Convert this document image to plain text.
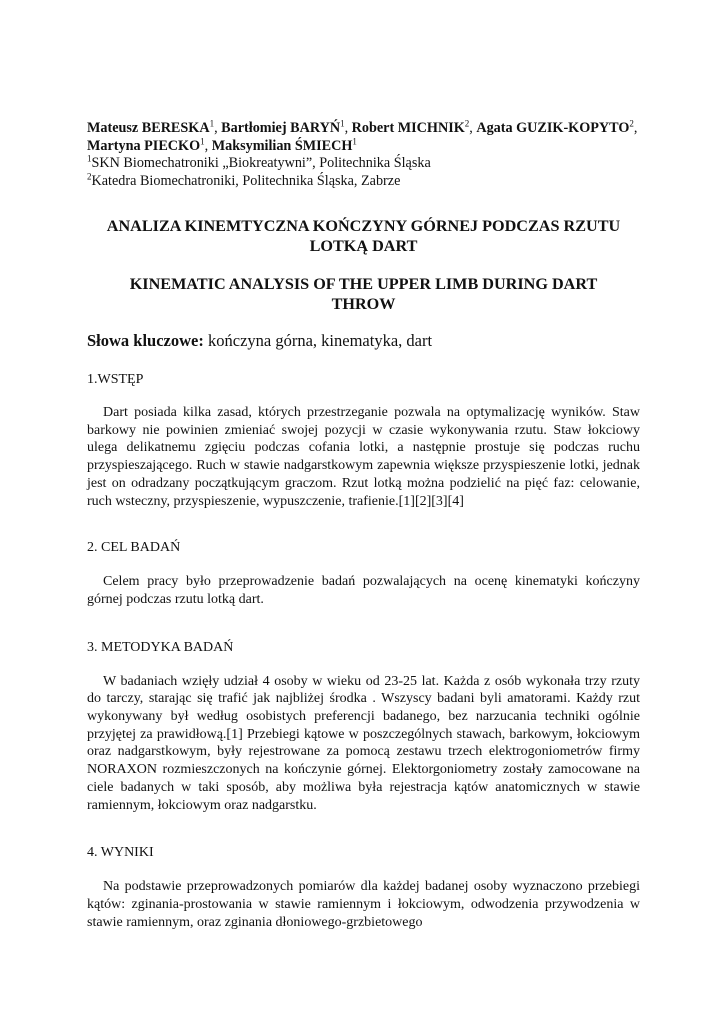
Mateusz BERESKA$^1$, Bartłomiej BARYŃ$^1$, Robert MICHNIK$^2$, Agata GUZIK-KOPYTO$^2$, Martyna PIECKO$^1$, Maksymilian ŚMIECH$^1$
$^1$SKN Biomechatroniki „Biokreatywni”, Politechnika Śląska
$^2$Katedra Biomechatroniki, Politechnika Śląska, Zabrze
ANALIZA KINEMTYCZNA KOŃCZYNY GÓRNEJ PODCZAS RZUTU LOTKĄ DART
KINEMATIC ANALYSIS OF THE UPPER LIMB DURING DART THROW
Słowa kluczowe: kończyna górna, kinematyka, dart
1.WSTĘP

Dart posiada kilka zasad, których przestrzeganie pozwala na optymalizację wyników. Staw barkowy nie powinien zmieniać swojej pozycji w czasie wykonywania rzutu. Staw łokciowy ulega delikatnemu zgięciu podczas cofania lotki, a następnie prostuje się podczas ruchu przyspieszającego. Ruch w stawie nadgarstkowym zapewnia większe przyspieszenie lotki, jednak jest on odradzany początkującym graczom. Rzut lotką można podzielić na pięć faz: celowanie, ruch wsteczny, przyspieszenie, wypuszczenie, trafienie.[1][2][3][4]

2. CEL BADAŃ

Celem pracy było przeprowadzenie badań pozwalających na ocenę kinematyki kończyny górnej podczas rzutu lotką dart.

3. METODYKA BADAŃ

W badaniach wzięły udział 4 osoby w wieku od 23-25 lat. Każda z osób wykonała trzy rzuty do tarczy, starając się trafić jak najbliżej środka . Wszyscy badani byli amatorami. Każdy rzut wykonywany był według osobistych preferencji badanego, bez narzucania techniki ogólnie przyjętej za prawidłową.[1] Przebiegi kątowe w poszczególnych stawach, barkowym, łokciowym oraz nadgarstkowym, były rejestrowane za pomocą zestawu trzech elektrogoniometrów firmy NORAXON rozmieszczonych na kończynie górnej. Elektorgoniometry zostały zamocowane na ciele badanych w taki sposób, aby możliwa była rejestracja kątów anatomicznych w stawie ramiennym, łokciowym oraz nadgarstku.

4. WYNIKI

Na podstawie przeprowadzonych pomiarów dla każdej badanej osoby wyznaczono przebiegi kątów: zginania-prostowania w stawie ramiennym i łokciowym, odwodzenia przywodzenia w stawie ramiennym, oraz zginania dłoniowego-grzbietowego
